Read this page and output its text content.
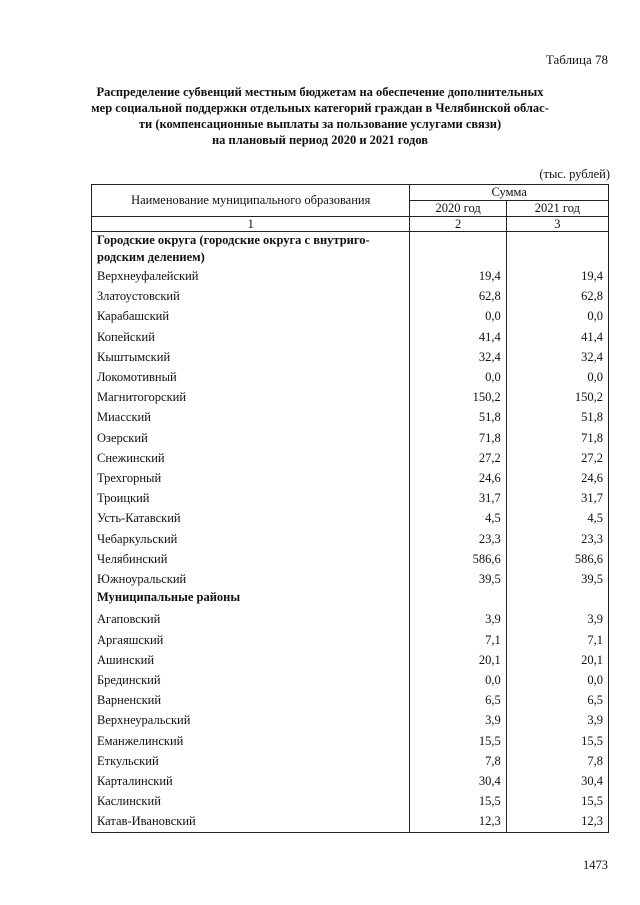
Таблица 78
Распределение субвенций местным бюджетам на обеспечение дополнительных
мер социальной поддержки отдельных категорий граждан в Челябинской облас-
ти (компенсационные выплаты за пользование услугами связи)
на плановый период 2020 и 2021 годов
(тыс. рублей)
Наименование муниципального образования	Сумма	
	2020 год	2021 год
1	2	3

Городские округа (городские округа с внутриго-
родским делением)		

Верхнеуфалейский	19,4	19,4
Златоустовский	62,8	62,8
Карабашский	0,0	0,0
Копейский	41,4	41,4
Кыштымский	32,4	32,4
Локомотивный	0,0	0,0
Магнитогорский	150,2	150,2
Миасский	51,8	51,8
Озерский	71,8	71,8
Снежинский	27,2	27,2
Трехгорный	24,6	24,6
Троицкий	31,7	31,7
Усть-Катавский	4,5	4,5
Чебаркульский	23,3	23,3
Челябинский	586,6	586,6
Южноуральский	39,5	39,5
Муниципальные районы		
Агаповский	3,9	3,9
Аргаяшский	7,1	7,1
Ашинский	20,1	20,1
Брединский	0,0	0,0
Варненский	6,5	6,5
Верхнеуральский	3,9	3,9
Еманжелинский	15,5	15,5
Еткульский	7,8	7,8
Карталинский	30,4	30,4
Каслинский	15,5	15,5
Катав-Ивановский	12,3	12,3
1473
